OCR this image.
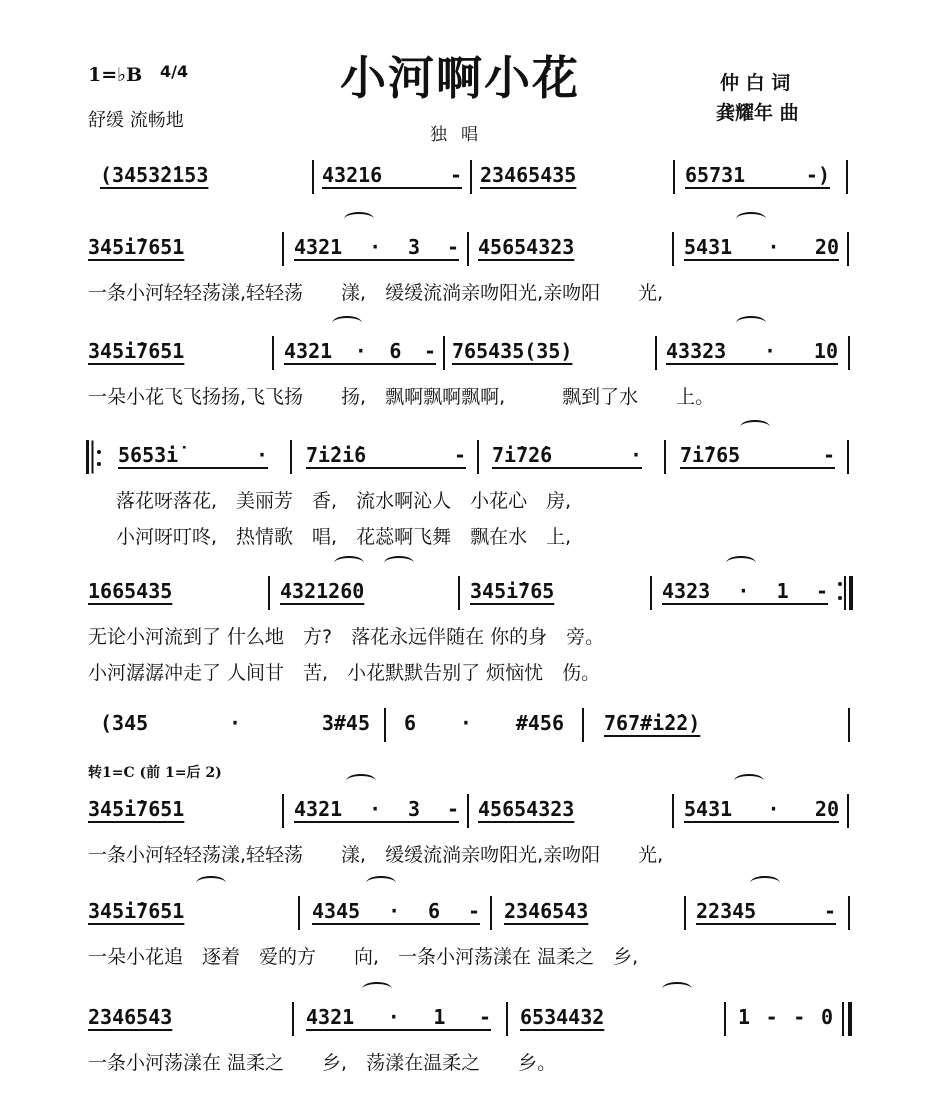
1=♭B 4/4
舒缓 流畅地
小河啊小花
独唱
仲 白 词
龚耀年 曲
(3453̇2̇153	43216 - 23465435	65731 -)
345i̇7651	4321 · 3 - 45654323	5431 · 20
一条小河轻轻荡漾,轻轻荡　　漾,　缓缓流淌亲吻阳光,亲吻阳　　光,
345i̇7651	4321 · 6 - 765435(35)	43323 · 10
一朵小花飞飞扬扬,飞飞扬　　扬,　飘啊飘啊飘啊,　　　飘到了水　　上。
5653̇i̇ · 7i̇2̇i̇6 - 7i̇72̇6 · 7i̇765 -
落花呀落花,　美丽芳　香,　流水啊沁人　小花心　房,
小河呀叮咚,　热情歌　唱,　花蕊啊飞舞　飘在水　上,
1665435	4321260	345i̇765	4323 · 1 -
无论小河流到了 什么地　方?　落花永远伴随在 你的身　旁。
小河潺潺冲走了 人间甘　苦,　小花默默告别了 烦恼忧　伤。
(345 · 3#45 6 · #456 767#i̇2̇2)
转1=C (前 1=后 2)
345i̇7651	4321 · 3 - 45654323	5431 · 20
一条小河轻轻荡漾,轻轻荡　　漾,　缓缓流淌亲吻阳光,亲吻阳　　光,
345i̇7651	4345 · 6 - 2346543	22345 -
一朵小花追　逐着　爱的方　　向,　一条小河荡漾在 温柔之　乡,
2346543	4321 · 1 - 6534432	1 - - 0
一条小河荡漾在 温柔之　　乡,　荡漾在温柔之　　乡。
